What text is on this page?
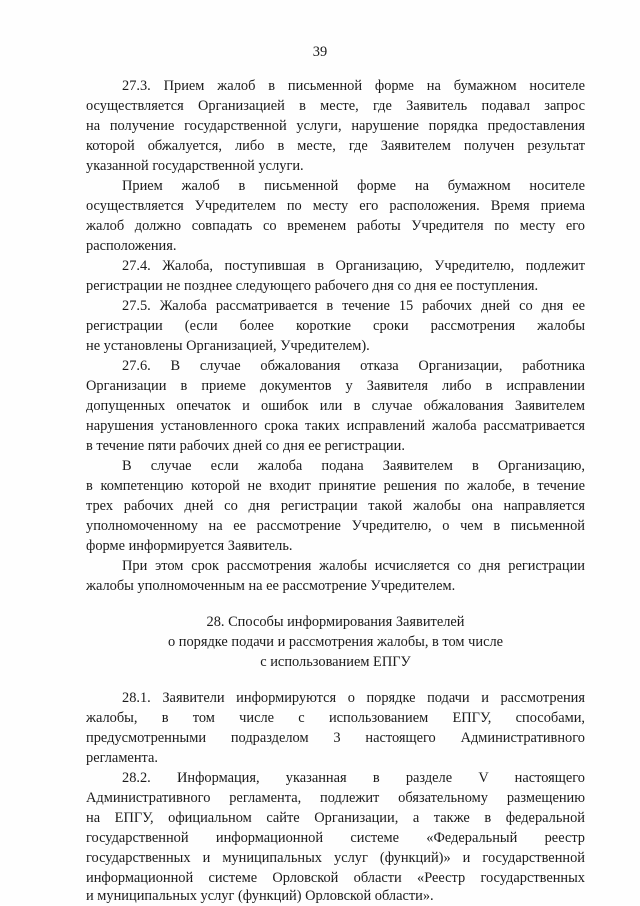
39
27.3. Прием жалоб в письменной форме на бумажном носителе
осуществляется Организацией в месте, где Заявитель подавал запрос
на получение государственной услуги, нарушение порядка предоставления
которой обжалуется, либо в месте, где Заявителем получен результат
указанной государственной услуги.
Прием жалоб в письменной форме на бумажном носителе
осуществляется Учредителем по месту его расположения. Время приема
жалоб должно совпадать со временем работы Учредителя по месту его
расположения.
27.4. Жалоба, поступившая в Организацию, Учредителю, подлежит
регистрации не позднее следующего рабочего дня со дня ее поступления.
27.5. Жалоба рассматривается в течение 15 рабочих дней со дня ее
регистрации (если более короткие сроки рассмотрения жалобы
не установлены Организацией, Учредителем).
27.6. В случае обжалования отказа Организации, работника
Организации в приеме документов у Заявителя либо в исправлении
допущенных опечаток и ошибок или в случае обжалования Заявителем
нарушения установленного срока таких исправлений жалоба рассматривается
в течение пяти рабочих дней со дня ее регистрации.
В случае если жалоба подана Заявителем в Организацию,
в компетенцию которой не входит принятие решения по жалобе, в течение
трех рабочих дней со дня регистрации такой жалобы она направляется
уполномоченному на ее рассмотрение Учредителю, о чем в письменной
форме информируется Заявитель.
При этом срок рассмотрения жалобы исчисляется со дня регистрации
жалобы уполномоченным на ее рассмотрение Учредителем.
28. Способы информирования Заявителей
о порядке подачи и рассмотрения жалобы, в том числе
с использованием ЕПГУ
28.1. Заявители информируются о порядке подачи и рассмотрения
жалобы, в том числе с использованием ЕПГУ, способами,
предусмотренными подразделом 3 настоящего Административного
регламента.
28.2. Информация, указанная в разделе V настоящего
Административного регламента, подлежит обязательному размещению
на ЕПГУ, официальном сайте Организации, а также в федеральной
государственной информационной системе «Федеральный реестр
государственных и муниципальных услуг (функций)» и государственной
информационной системе Орловской области «Реестр государственных
и муниципальных услуг (функций) Орловской области».
